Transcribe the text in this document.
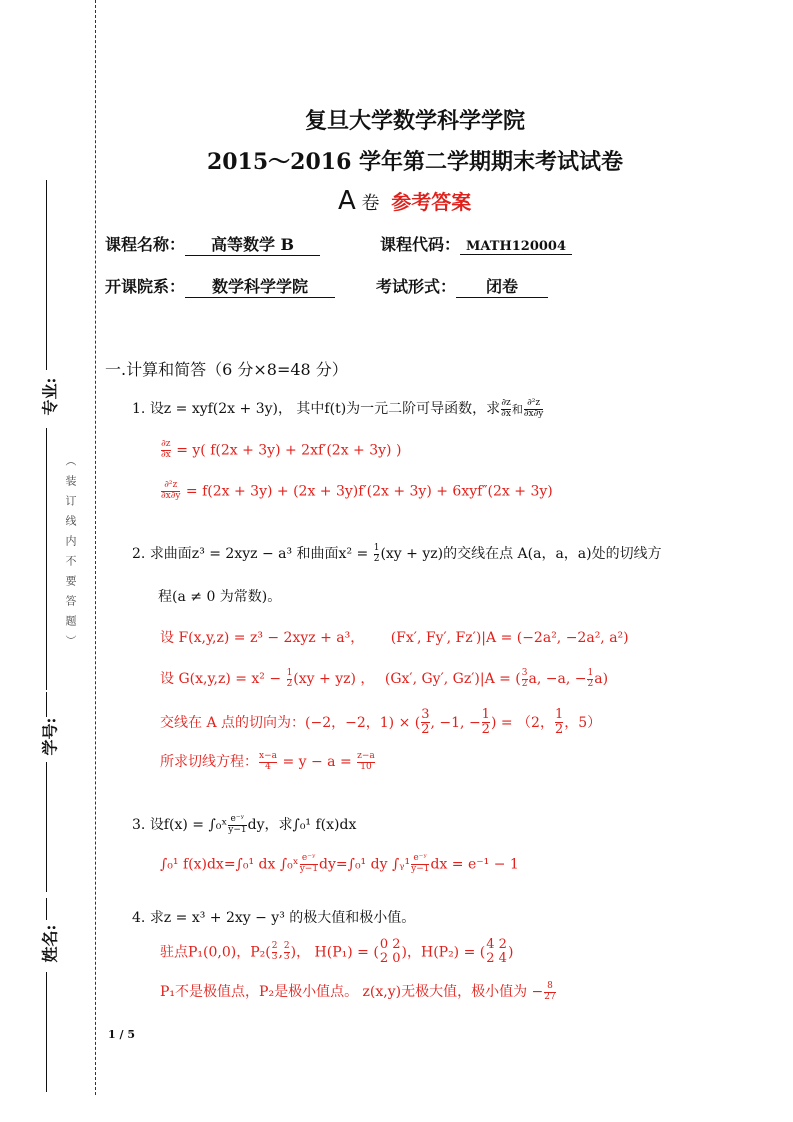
专业:
（装订线内不要答题）
学号:
姓名:
复旦大学数学科学学院
2015～2016 学年第二学期期末考试试卷
A 卷 参考答案
课程名称： 高等数学 B	课程代码： MATH120004
开课院系： 数学科学学院	考试形式： 闭卷
一.计算和简答（6 分×8=48 分）
1. 设z = xyf(2x + 3y)， 其中f(t)为一元二阶可导函数，求 $\frac{\partial z}{\partial x}$ 和 $\frac{\text{∂²z}}{\partial x\partial y}$
$\frac{\partial z}{\partial x} = y$( f(2x + 3y) + 2xf′(2x + 3y) )
$\frac{\text{∂²z}}{\partial x\partial y} = f(2x + 3y) + (2x + 3y)f'(2x + 3y) + 6xyf''(2x + 3y)$
2. 求曲面z³ = 2xyz − a³ 和曲面$x^2 = \frac{1}{2} (xy + yz)$的交线在点 A(a，a，a)处的切线方
程(a ≠ 0 为常数)。
设 F(x,y,z) = z³ − 2xyz + a³， (Fx′, Fy′, Fz′)|A = (−2a², −2a², a²)
设 $G(x,y,z) = x^2 - \frac{1}{2} (xy + yz)$ ， (Gx′, Gy′, Gz′)|A = ( $\frac{3}{2} a$, −a, − $\frac{1}{2} a$)
交线在 A 点的切向为：(−2，−2，1) × ( $\frac{3}{2}$ , −1, − $\frac{1}{2}$ ) = （2， $\frac{1}{2}$ ，5）
所求切线方程： $\frac{x-a}{4} = y - a = \frac{z-a}{10}$
3. 设f(x) = ∫₀ˣ $\frac{\text{e⁻ʸ}}{y-1}$ dy，求∫₀¹ f(x)dx
∫₀¹ f(x)dx=∫₀¹ dx ∫₀ˣ $\frac{\text{e⁻ʸ}}{y-1} dy=\int_0^1$ dy ∫ᵧ¹ $\frac{\text{e⁻ʸ}}{y-1}$ dx = e⁻¹ − 1
4. 求z = x³ + 2xy − y³ 的极大值和极小值。
驻点P₁(0,0)，$P_2( \frac{2}{3}$ , $\frac{2}{3}$ )， H(P₁) = ( 0 2
2 0 )，H(P₂) = ( 4 2
2 4 )
P₁不是极值点，P₂是极小值点。 z(x,y)无极大值，极小值为 − $\frac{8}{27}$
1 / 5
